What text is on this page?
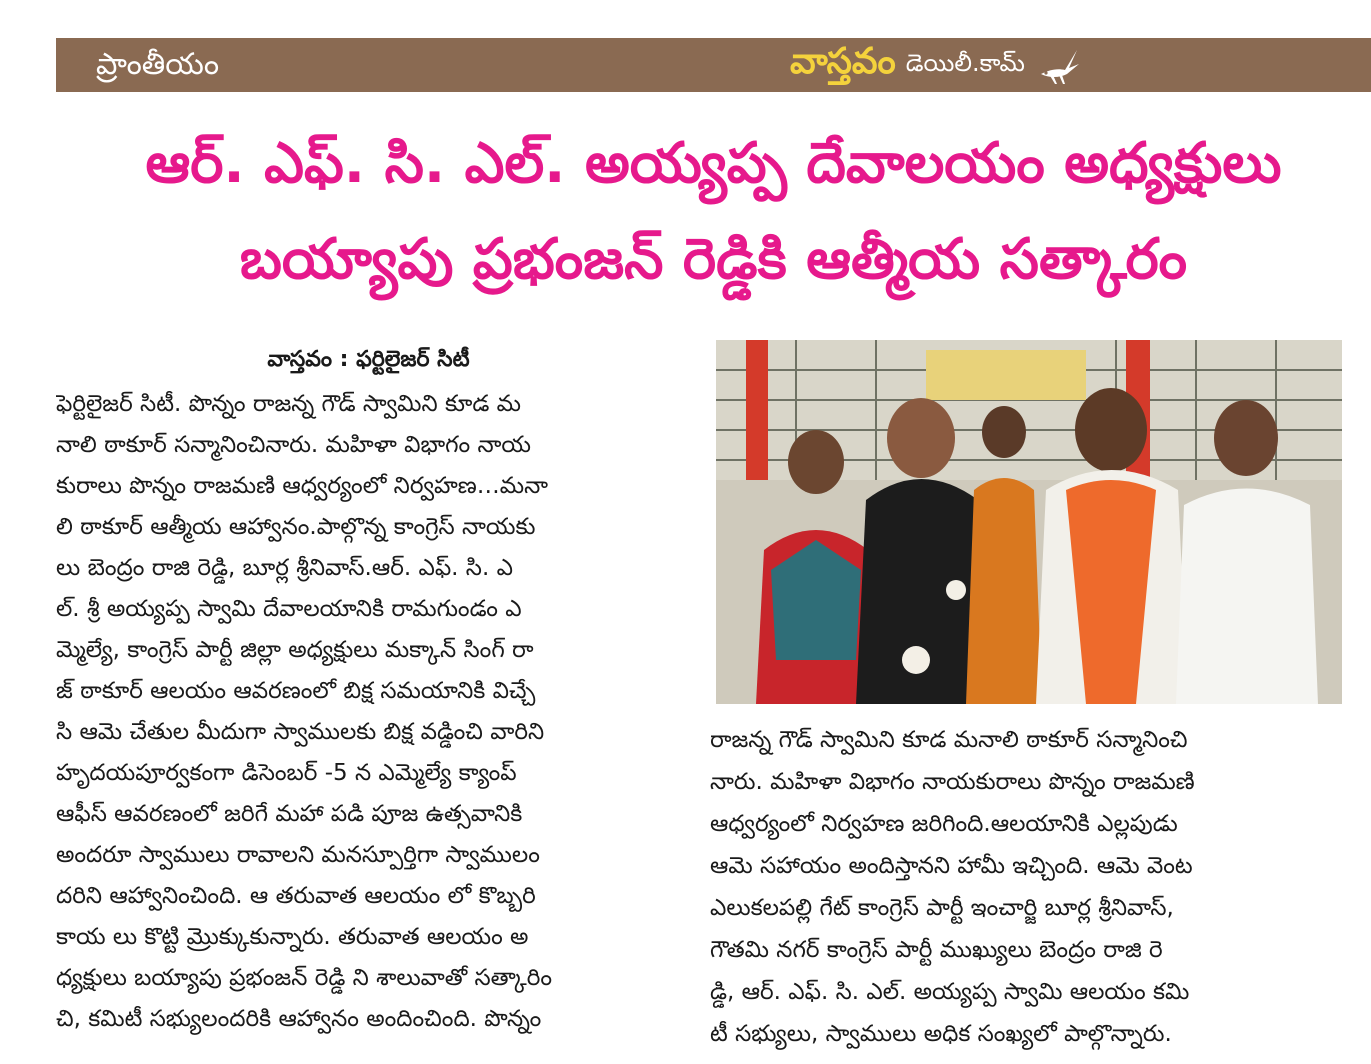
ప్రాంతీయం	వాస్తవం డెయిలీ.కామ్
ఆర్. ఎఫ్. సి. ఎల్. అయ్యప్ప దేవాలయం అధ్యక్షులు
బయ్యాపు ప్రభంజన్ రెడ్డికి ఆత్మీయ సత్కారం
వాస్తవం : ఫర్టిలైజర్ సిటీ
ఫెర్టిలైజర్ సిటీ. పొన్నం రాజన్న గౌడ్ స్వామిని కూడ మ
నాలి ఠాకూర్ సన్మానించినారు. మహిళా విభాగం నాయ
కురాలు పొన్నం రాజమణి ఆధ్వర్యంలో నిర్వహణ…మనా
లి ఠాకూర్ ఆత్మీయ ఆహ్వానం.పాల్గొన్న కాంగ్రెస్ నాయకు
లు బెంద్రం రాజి రెడ్డి, బూర్ల శ్రీనివాస్.ఆర్. ఎఫ్. సి. ఎ
ల్. శ్రీ అయ్యప్ప స్వామి దేవాలయానికి రామగుండం ఎ
మ్మెల్యే, కాంగ్రెస్ పార్టీ జిల్లా అధ్యక్షులు మక్కాన్ సింగ్ రా
జ్ ఠాకూర్ ఆలయం ఆవరణంలో బిక్ష సమయానికి విచ్చే
సి ఆమె చేతుల మీదుగా స్వాములకు బిక్ష వడ్డించి వారిని
హృదయపూర్వకంగా డిసెంబర్ -5 న ఎమ్మెల్యే క్యాంప్
ఆఫీస్ ఆవరణంలో జరిగే మహా పడి పూజ ఉత్సవానికి
అందరూ స్వాములు రావాలని మనస్పూర్తిగా స్వాములం
దరిని ఆహ్వానించింది. ఆ తరువాత ఆలయం లో కొబ్బరి
కాయ లు కొట్టి మ్రొక్కుకున్నారు. తరువాత ఆలయం అ
ధ్యక్షులు బయ్యాపు ప్రభంజన్ రెడ్డి ని శాలువాతో సత్కారిం
చి, కమిటీ సభ్యులందరికి ఆహ్వానం అందించింది. పొన్నం
రాజన్న గౌడ్ స్వామిని కూడ మనాలి ఠాకూర్ సన్మానించి
నారు. మహిళా విభాగం నాయకురాలు పొన్నం రాజమణి
ఆధ్వర్యంలో నిర్వహణ జరిగింది.ఆలయానికి ఎల్లపుడు
ఆమె సహాయం అందిస్తానని హామీ ఇచ్చింది. ఆమె వెంట
ఎలుకలపల్లి గేట్ కాంగ్రెస్ పార్టీ ఇంచార్జి బూర్ల శ్రీనివాస్,
గౌతమి నగర్ కాంగ్రెస్ పార్టీ ముఖ్యులు బెంద్రం రాజి రె
డ్డి, ఆర్. ఎఫ్. సి. ఎల్. అయ్యప్ప స్వామి ఆలయం కమి
టీ సభ్యులు, స్వాములు అధిక సంఖ్యలో పాల్గొన్నారు.
